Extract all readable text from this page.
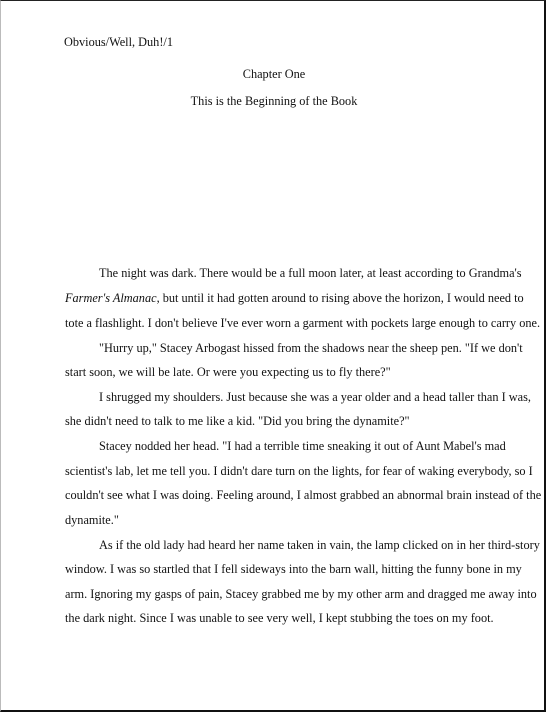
Obvious/Well, Duh!/1
Chapter One
This is the Beginning of the Book
The night was dark. There would be a full moon later, at least according to Grandma's
Farmer's Almanac, but until it had gotten around to rising above the horizon, I would need to
tote a flashlight. I don't believe I've ever worn a garment with pockets large enough to carry one.
"Hurry up," Stacey Arbogast hissed from the shadows near the sheep pen. "If we don't
start soon, we will be late. Or were you expecting us to fly there?"
I shrugged my shoulders. Just because she was a year older and a head taller than I was,
she didn't need to talk to me like a kid. "Did you bring the dynamite?"
Stacey nodded her head. "I had a terrible time sneaking it out of Aunt Mabel's mad
scientist's lab, let me tell you. I didn't dare turn on the lights, for fear of waking everybody, so I
couldn't see what I was doing. Feeling around, I almost grabbed an abnormal brain instead of the
dynamite."
As if the old lady had heard her name taken in vain, the lamp clicked on in her third-story
window. I was so startled that I fell sideways into the barn wall, hitting the funny bone in my
arm. Ignoring my gasps of pain, Stacey grabbed me by my other arm and dragged me away into
the dark night. Since I was unable to see very well, I kept stubbing the toes on my foot.
